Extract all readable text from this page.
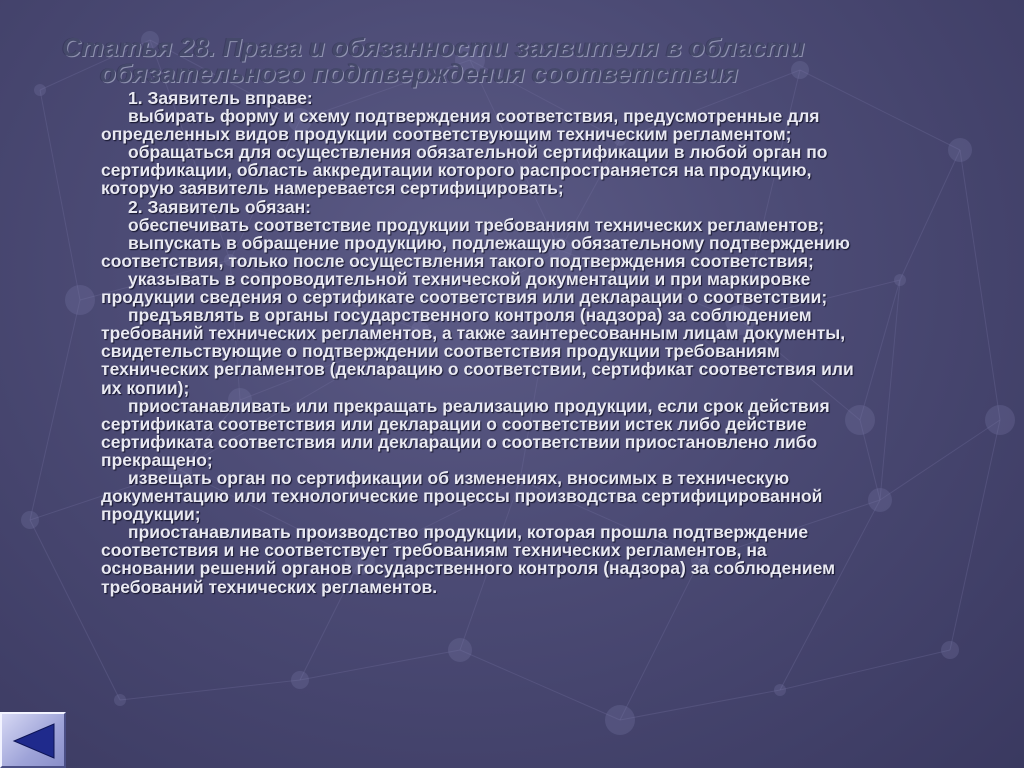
Статья 28. Права и обязанности заявителя в области
обязательного подтверждения соответствия

1. Заявитель вправе:

выбирать форму и схему подтверждения соответствия, предусмотренные для
определенных видов продукции соответствующим техническим регламентом;

обращаться для осуществления обязательной сертификации в любой орган по
сертификации, область аккредитации которого распространяется на продукцию,
которую заявитель намеревается сертифицировать;

2. Заявитель обязан:

обеспечивать соответствие продукции требованиям технических регламентов;

выпускать в обращение продукцию, подлежащую обязательному подтверждению
соответствия, только после осуществления такого подтверждения соответствия;

указывать в сопроводительной технической документации и при маркировке
продукции сведения о сертификате соответствия или декларации о соответствии;

предъявлять в органы государственного контроля (надзора) за соблюдением
требований технических регламентов, а также заинтересованным лицам документы,
свидетельствующие о подтверждении соответствия продукции требованиям
технических регламентов (декларацию о соответствии, сертификат соответствия или
их копии);

приостанавливать или прекращать реализацию продукции, если срок действия
сертификата соответствия или декларации о соответствии истек либо действие
сертификата соответствия или декларации о соответствии приостановлено либо
прекращено;

извещать орган по сертификации об изменениях, вносимых в техническую
документацию или технологические процессы производства сертифицированной
продукции;

приостанавливать производство продукции, которая прошла подтверждение
соответствия и не соответствует требованиям технических регламентов, на
основании решений органов государственного контроля (надзора) за соблюдением
требований технических регламентов.
